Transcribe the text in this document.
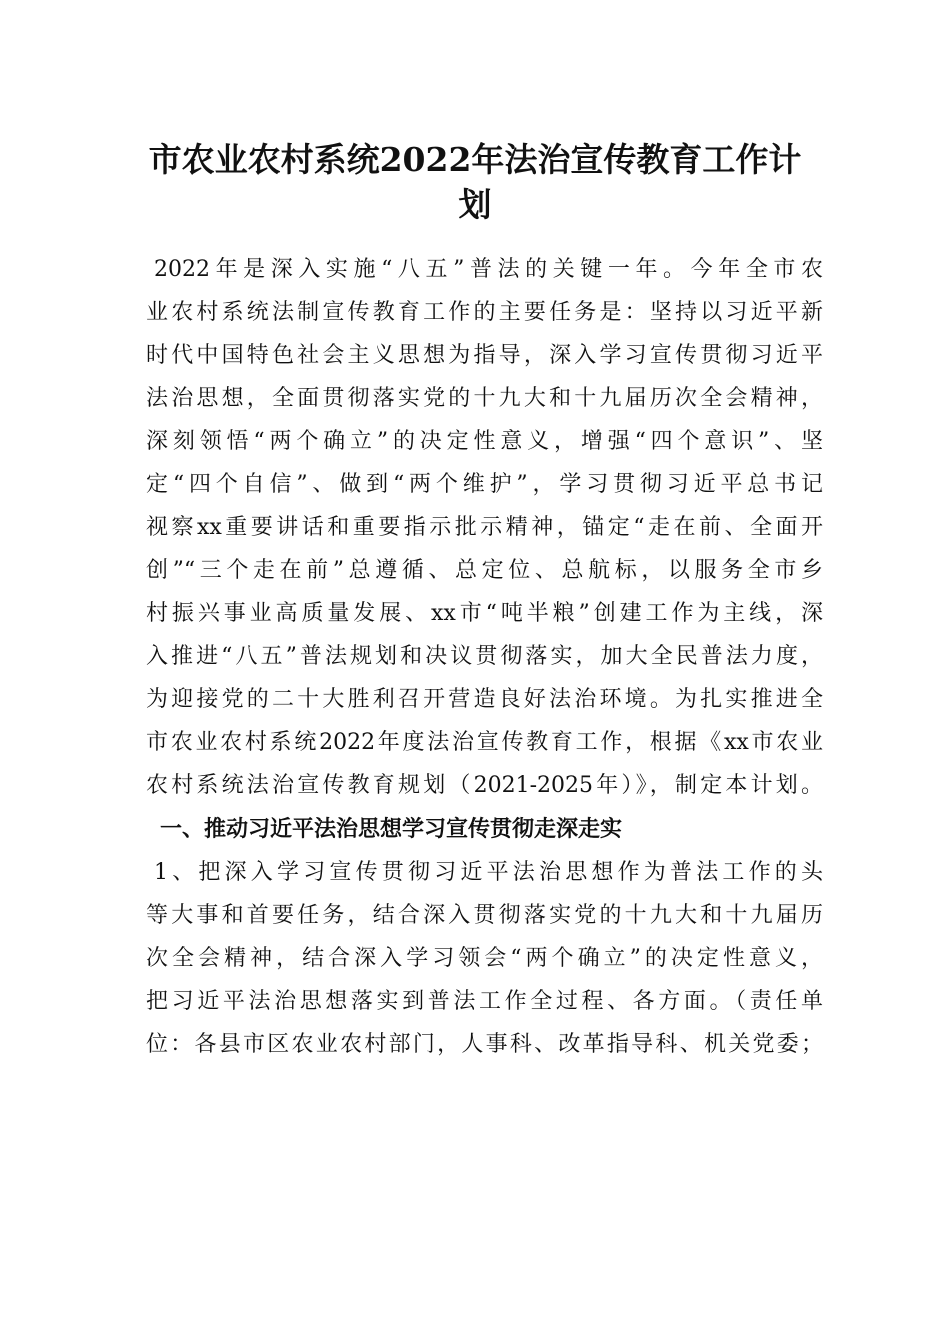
市农业农村系统2022年法治宣传教育工作计
划
2022年是深入实施“八五”普法的关键一年。今年全市农
业农村系统法制宣传教育工作的主要任务是：坚持以习近平新
时代中国特色社会主义思想为指导，深入学习宣传贯彻习近平
法治思想，全面贯彻落实党的十九大和十九届历次全会精神，
深刻领悟“两个确立”的决定性意义，增强“四个意识”、坚
定“四个自信”、做到“两个维护”，学习贯彻习近平总书记
视察xx重要讲话和重要指示批示精神，锚定“走在前、全面开
创”“三个走在前”总遵循、总定位、总航标，以服务全市乡
村振兴事业高质量发展、xx市“吨半粮”创建工作为主线，深
入推进“八五”普法规划和决议贯彻落实，加大全民普法力度，
为迎接党的二十大胜利召开营造良好法治环境。为扎实推进全
市农业农村系统2022年度法治宣传教育工作，根据《xx市农业
农村系统法治宣传教育规划（2021-2025年）》，制定本计划。
一、推动习近平法治思想学习宣传贯彻走深走实
1、把深入学习宣传贯彻习近平法治思想作为普法工作的头
等大事和首要任务，结合深入贯彻落实党的十九大和十九届历
次全会精神，结合深入学习领会“两个确立”的决定性意义，
把习近平法治思想落实到普法工作全过程、各方面。（责任单
位：各县市区农业农村部门，人事科、改革指导科、机关党委；
